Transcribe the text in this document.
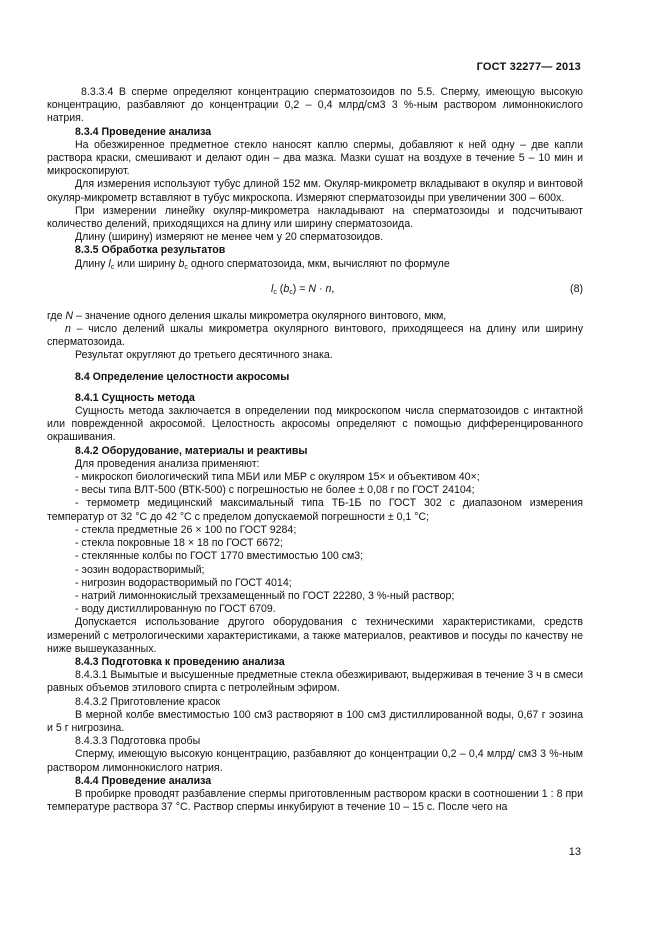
ГОСТ 32277— 2013

8.3.3.4 В сперме определяют концентрацию сперматозоидов по 5.5. Сперму, имеющую высокую концентрацию, разбавляют до концентрации 0,2 – 0,4 млрд/см3 3 %-ным раствором лимоннокислого натрия.

8.3.4 Проведение анализа

На обезжиренное предметное стекло наносят каплю спермы, добавляют к ней одну – две капли раствора краски, смешивают и делают один – два мазка. Мазки сушат на воздухе в течение 5 – 10 мин и микроскопируют.

Для измерения используют тубус длиной 152 мм. Окуляр-микрометр вкладывают в окуляр и винтовой окуляр-микрометр вставляют в тубус микроскопа. Измеряют сперматозоиды при увеличении 300 – 600х.

При измерении линейку окуляр-микрометра накладывают на сперматозоиды и подсчитывают количество делений, приходящихся на длину или ширину сперматозоида.

Длину (ширину) измеряют не менее чем у 20 сперматозоидов.

8.3.5 Обработка результатов

Длину $l_c$ или ширину $b_c$ одного сперматозоида, мкм, вычисляют по формуле

$l_c$ $(b_c) = N \cdot n$,	(8)

где N – значение одного деления шкалы микрометра окулярного винтового, мкм,

n – число делений шкалы микрометра окулярного винтового, приходящееся на длину или ширину сперматозоида.

Результат округляют до третьего десятичного знака.

8.4 Определение целостности акросомы

8.4.1 Сущность метода

Сущность метода заключается в определении под микроскопом числа сперматозоидов с интактной или поврежденной акросомой. Целостность акросомы определяют с помощью дифференцированного окрашивания.

8.4.2 Оборудование, материалы и реактивы

Для проведения анализа применяют:

- микроскоп биологический типа МБИ или МБР с окуляром 15× и объективом 40×;

- весы типа ВЛТ-500 (ВТК-500) с погрешностью не более ± 0,08 г по ГОСТ 24104;

- термометр медицинский максимальный типа ТБ-1Б по ГОСТ 302 с диапазоном измерения температур от 32 °С до 42 °С с пределом допускаемой погрешности ± 0,1 °С;

- стекла предметные 26 × 100 по ГОСТ 9284;

- стекла покровные 18 × 18 по ГОСТ 6672;

- стеклянные колбы по ГОСТ 1770 вместимостью 100 см3;

- эозин водорастворимый;

- нигрозин водорастворимый по ГОСТ 4014;

- натрий лимоннокислый трехзамещенный по ГОСТ 22280, 3 %-ный раствор;

- воду дистиллированную по ГОСТ 6709.

Допускается использование другого оборудования с техническими характеристиками, средств измерений с метрологическими характеристиками, а также материалов, реактивов и посуды по качеству не ниже вышеуказанных.

8.4.3 Подготовка к проведению анализа

8.4.3.1 Вымытые и высушенные предметные стекла обезжиривают, выдерживая в течение 3 ч в смеси равных объемов этилового спирта с петролейным эфиром.

8.4.3.2 Приготовление красок

В мерной колбе вместимостью 100 см3 растворяют в 100 см3 дистиллированной воды, 0,67 г эозина и 5 г нигрозина.

8.4.3.3 Подготовка пробы

Сперму, имеющую высокую концентрацию, разбавляют до концентрации 0,2 – 0,4 млрд/ см3 3 %-ным раствором лимоннокислого натрия.

8.4.4 Проведение анализа

В пробирке проводят разбавление спермы приготовленным раствором краски в соотношении 1 : 8 при температуре раствора 37 °С. Раствор спермы инкубируют в течение 10 – 15 с. После чего на

13
